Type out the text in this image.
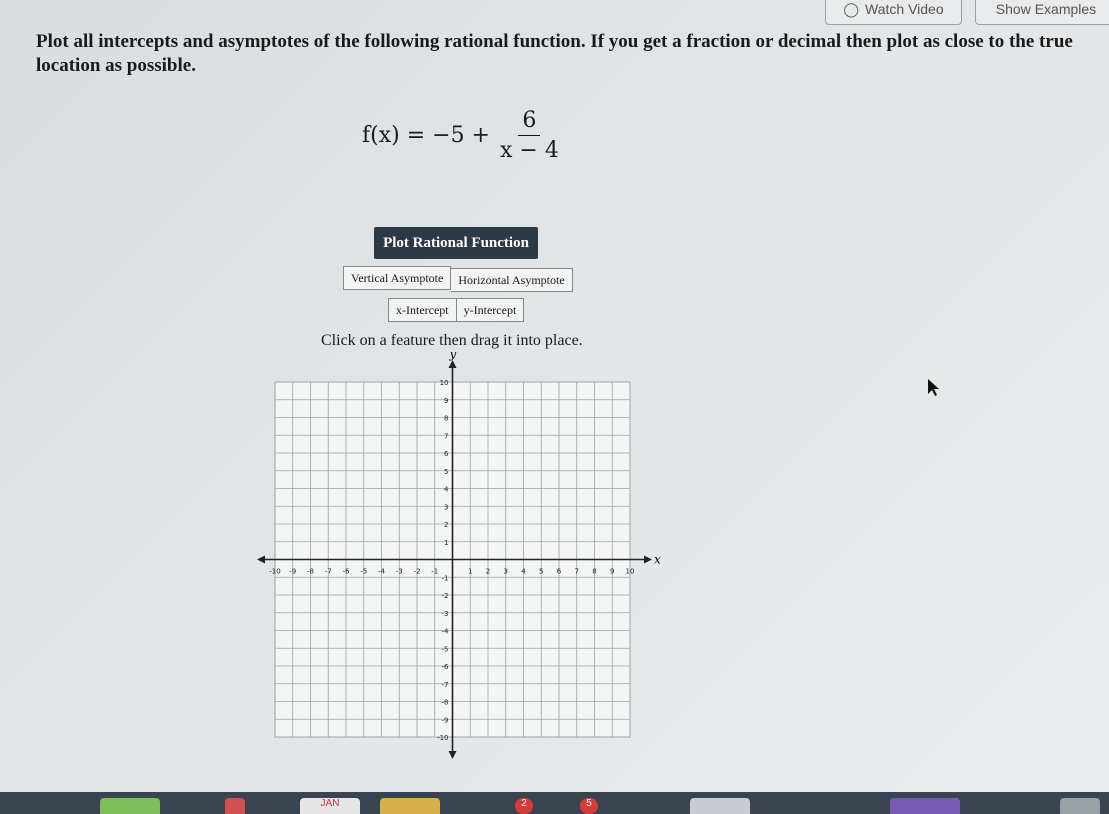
◯ Watch Video	Show Examples
Plot all intercepts and asymptotes of the following rational function. If you get a fraction or decimal then plot as close to the true location as possible.
$f(x) = -5 + \frac{6}{x - 4}$
Plot Rational Function
Vertical Asymptote	Horizontal Asymptote
x-Intercept	y-Intercept
Click on a feature then drag it into place.
x
y
-10 -9 -8 -7 -6 -5 -4 -3 -2 -1	1 2 3 4 5 6 7 8 9 10
-10
-9
-8
-7
-6
-5
-4
-3
-2
-1
1
2
3
4
5
6
7
8
9
10
JAN	2	5
